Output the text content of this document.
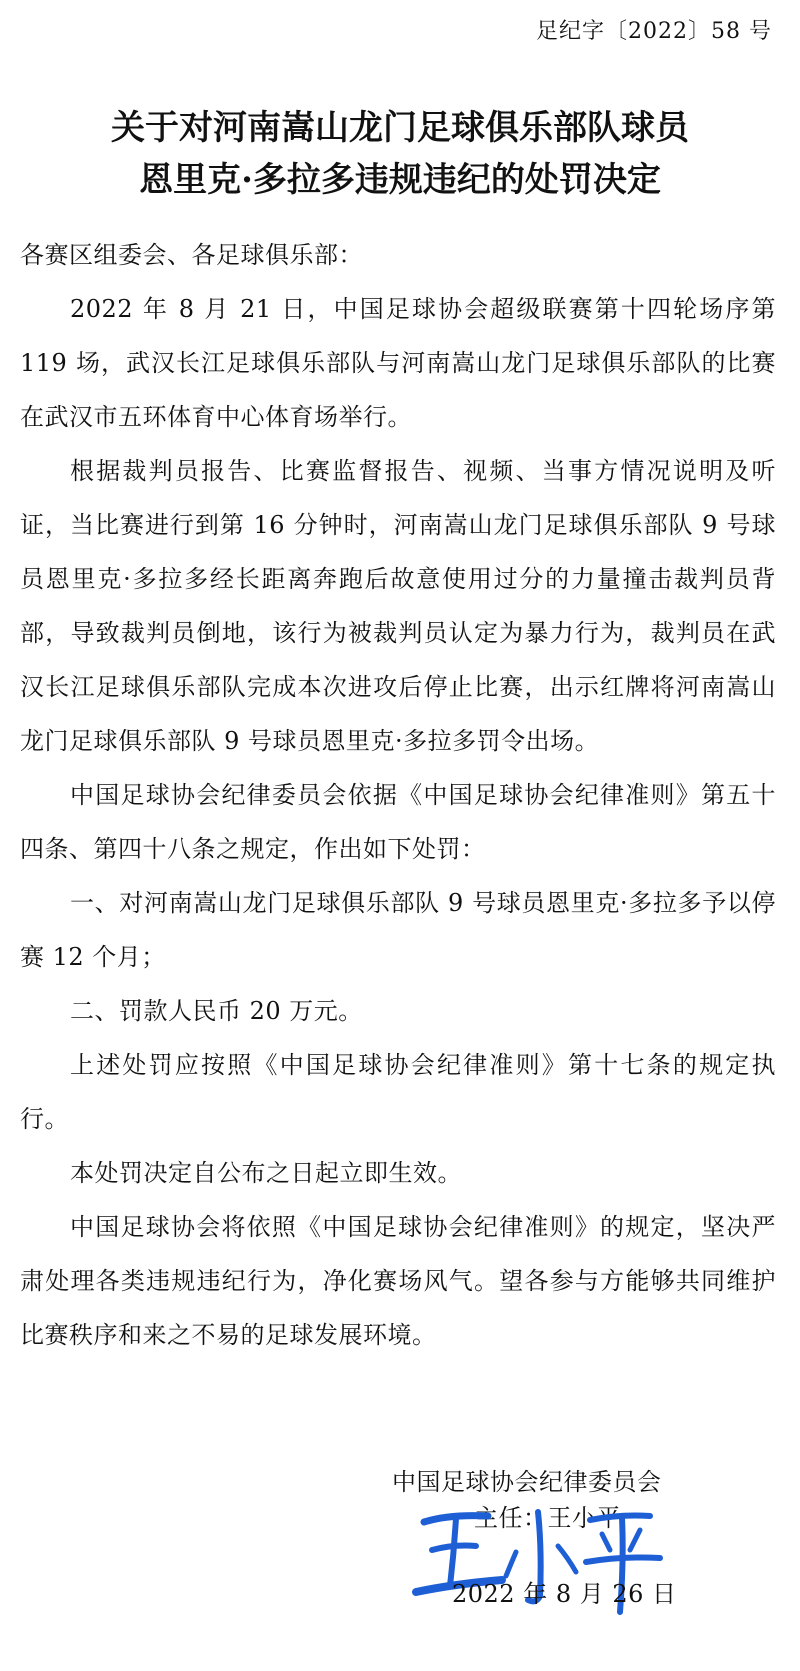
足纪字〔2022〕58 号
关于对河南嵩山龙门足球俱乐部队球员
恩里克·多拉多违规违纪的处罚决定

各赛区组委会、各足球俱乐部：

2022 年 8 月 21 日，中国足球协会超级联赛第十四轮场序第 119 场，武汉长江足球俱乐部队与河南嵩山龙门足球俱乐部队的比赛在武汉市五环体育中心体育场举行。

根据裁判员报告、比赛监督报告、视频、当事方情况说明及听证，当比赛进行到第 16 分钟时，河南嵩山龙门足球俱乐部队 9 号球员恩里克·多拉多经长距离奔跑后故意使用过分的力量撞击裁判员背部，导致裁判员倒地，该行为被裁判员认定为暴力行为，裁判员在武汉长江足球俱乐部队完成本次进攻后停止比赛，出示红牌将河南嵩山龙门足球俱乐部队 9 号球员恩里克·多拉多罚令出场。

中国足球协会纪律委员会依据《中国足球协会纪律准则》第五十四条、第四十八条之规定，作出如下处罚：

一、对河南嵩山龙门足球俱乐部队 9 号球员恩里克·多拉多予以停赛 12 个月；

二、罚款人民币 20 万元。

上述处罚应按照《中国足球协会纪律准则》第十七条的规定执行。

本处罚决定自公布之日起立即生效。

中国足球协会将依照《中国足球协会纪律准则》的规定，坚决严肃处理各类违规违纪行为，净化赛场风气。望各参与方能够共同维护比赛秩序和来之不易的足球发展环境。

中国足球协会纪律委员会
主任：王小平
2022 年 8 月 26 日
